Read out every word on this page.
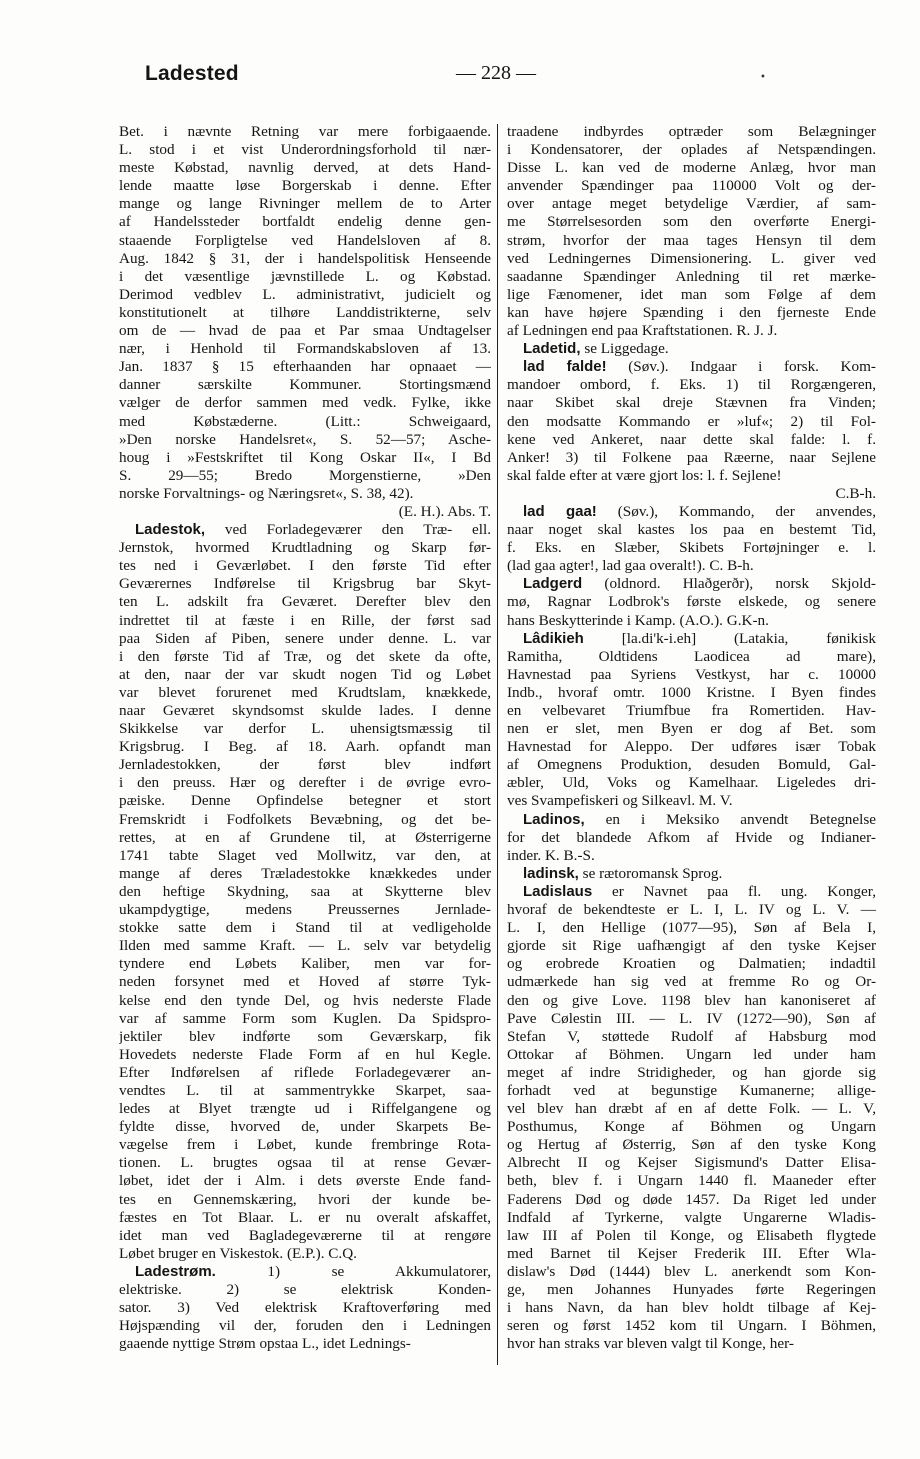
Ladested	— 228 —	•

Bet. i nævnte Retning var mere forbigaaende.

L. stod i et vist Underordningsforhold til nær-

meste Købstad, navnlig derved, at dets Hand-

lende maatte løse Borgerskab i denne. Efter

mange og lange Rivninger mellem de to Arter

af Handelssteder bortfaldt endelig denne gen-

staaende Forpligtelse ved Handelsloven af 8.

Aug. 1842 § 31, der i handelspolitisk Henseende

i det væsentlige jævnstillede L. og Købstad.

Derimod vedblev L. administrativt, judicielt og

konstitutionelt at tilhøre Landdistrikterne, selv

om de — hvad de paa et Par smaa Undtagelser

nær, i Henhold til Formandskabsloven af 13.

Jan. 1837 § 15 efterhaanden har opnaaet —

danner særskilte Kommuner. Stortingsmænd

vælger de derfor sammen med vedk. Fylke, ikke

med Købstæderne. (Litt.: Schweigaard,

»Den norske Handelsret«, S. 52—57; Asche-

houg i »Festskriftet til Kong Oskar II«, I Bd

S. 29—55; Bredo Morgenstierne, »Den

norske Forvaltnings- og Næringsret«, S. 38, 42).

(E. H.). Abs. T.

Ladestok, ved Forladegeværer den Træ- ell.

Jernstok, hvormed Krudtladning og Skarp før-

tes ned i Geværløbet. I den første Tid efter

Geværernes Indførelse til Krigsbrug bar Skyt-

ten L. adskilt fra Geværet. Derefter blev den

indrettet til at fæste i en Rille, der først sad

paa Siden af Piben, senere under denne. L. var

i den første Tid af Træ, og det skete da ofte,

at den, naar der var skudt nogen Tid og Løbet

var blevet forurenet med Krudtslam, knækkede,

naar Geværet skyndsomst skulde lades. I denne

Skikkelse var derfor L. uhensigtsmæssig til

Krigsbrug. I Beg. af 18. Aarh. opfandt man

Jernladestokken, der først blev indført

i den preuss. Hær og derefter i de øvrige evro-

pæiske. Denne Opfindelse betegner et stort

Fremskridt i Fodfolkets Bevæbning, og det be-

rettes, at en af Grundene til, at Østerrigerne

1741 tabte Slaget ved Mollwitz, var den, at

mange af deres Træladestokke knækkedes under

den heftige Skydning, saa at Skytterne blev

ukampdygtige, medens Preussernes Jernlade-

stokke satte dem i Stand til at vedligeholde

Ilden med samme Kraft. — L. selv var betydelig

tyndere end Løbets Kaliber, men var for-

neden forsynet med et Hoved af større Tyk-

kelse end den tynde Del, og hvis nederste Flade

var af samme Form som Kuglen. Da Spidspro-

jektiler blev indførte som Geværskarp, fik

Hovedets nederste Flade Form af en hul Kegle.

Efter Indførelsen af riflede Forladegeværer an-

vendtes L. til at sammentrykke Skarpet, saa-

ledes at Blyet trængte ud i Riffelgangene og

fyldte disse, hvorved de, under Skarpets Be-

vægelse frem i Løbet, kunde frembringe Rota-

tionen. L. brugtes ogsaa til at rense Gevær-

løbet, idet der i Alm. i dets øverste Ende fand-

tes en Gennemskæring, hvori der kunde be-

fæstes en Tot Blaar. L. er nu overalt afskaffet,

idet man ved Bagladegeværerne til at rengøre

Løbet bruger en Viskestok. (E.P.). C.Q.

Ladestrøm.	1) se Akkumulatorer,

elektriske. 2) se elektrisk Konden-

sator. 3) Ved elektrisk Kraftoverføring med

Højspænding vil der, foruden den i Ledningen

gaaende nyttige Strøm opstaa L., idet Lednings-

traadene indbyrdes optræder som Belægninger

i Kondensatorer, der oplades af Netspændingen.

Disse L. kan ved de moderne Anlæg, hvor man

anvender Spændinger paa 110000 Volt og der-

over antage meget betydelige Værdier, af sam-

me Størrelsesorden som den overførte Energi-

strøm, hvorfor der maa tages Hensyn til dem

ved Ledningernes Dimensionering. L. giver ved

saadanne Spændinger Anledning til ret mærke-

lige Fænomener, idet man som Følge af dem

kan have højere Spænding i den fjerneste Ende

af Ledningen end paa Kraftstationen. R. J. J.

Ladetid, se Liggedage.

lad falde! (Søv.). Indgaar i forsk. Kom-

mandoer ombord, f. Eks. 1) til Rorgængeren,

naar Skibet skal dreje Stævnen fra Vinden;

den modsatte Kommando er »luf«; 2) til Fol-

kene ved Ankeret, naar dette skal falde: l. f.

Anker! 3) til Folkene paa Ræerne, naar Sejlene

skal falde efter at være gjort los: l. f. Sejlene!

C.B-h.

lad gaa! (Søv.), Kommando, der anvendes,

naar noget skal kastes los paa en bestemt Tid,

f. Eks. en Slæber, Skibets Fortøjninger e. l.

(lad gaa agter!, lad gaa overalt!). C. B-h.

Ladgerd (oldnord. Hlaðgerðr), norsk Skjold-

mø, Ragnar Lodbrok's første elskede, og senere

hans Beskytterinde i Kamp. (A.O.). G.K-n.

Lâdikieh [la.di'k-i.eh] (Latakia, fønikisk

Ramitha, Oldtidens Laodicea ad mare),

Havnestad paa Syriens Vestkyst, har c. 10000

Indb., hvoraf omtr. 1000 Kristne. I Byen findes

en velbevaret Triumfbue fra Romertiden. Hav-

nen er slet, men Byen er dog af Bet. som

Havnestad for Aleppo. Der udføres især Tobak

af Omegnens Produktion, desuden Bomuld, Gal-

æbler, Uld, Voks og Kamelhaar. Ligeledes dri-

ves Svampefiskeri og Silkeavl. M. V.

Ladinos, en i Meksiko anvendt Betegnelse

for det blandede Afkom af Hvide og Indianer-

inder. K. B.-S.

ladinsk, se rætoromansk Sprog.

Ladislaus er Navnet paa fl. ung. Konger,

hvoraf de bekendteste er L. I, L. IV og L. V. —

L. I, den Hellige (1077—95), Søn af Bela I,

gjorde sit Rige uafhængigt af den tyske Kejser

og erobrede Kroatien og Dalmatien; indadtil

udmærkede han sig ved at fremme Ro og Or-

den og give Love. 1198 blev han kanoniseret af

Pave Cølestin III. — L. IV (1272—90), Søn af

Stefan V, støttede Rudolf af Habsburg mod

Ottokar af Böhmen. Ungarn led under ham

meget af indre Stridigheder, og han gjorde sig

forhadt ved at begunstige Kumanerne; allige-

vel blev han dræbt af en af dette Folk. — L. V,

Posthumus, Konge af Böhmen og Ungarn

og Hertug af Østerrig, Søn af den tyske Kong

Albrecht II og Kejser Sigismund's Datter Elisa-

beth, blev f. i Ungarn 1440 fl. Maaneder efter

Faderens Død og døde 1457. Da Riget led under

Indfald af Tyrkerne, valgte Ungarerne Wladis-

law III af Polen til Konge, og Elisabeth flygtede

med Barnet til Kejser Frederik III. Efter Wla-

dislaw's Død (1444) blev L. anerkendt som Kon-

ge, men Johannes Hunyades førte Regeringen

i hans Navn, da han blev holdt tilbage af Kej-

seren og først 1452 kom til Ungarn. I Böhmen,

hvor han straks var bleven valgt til Konge, her-
